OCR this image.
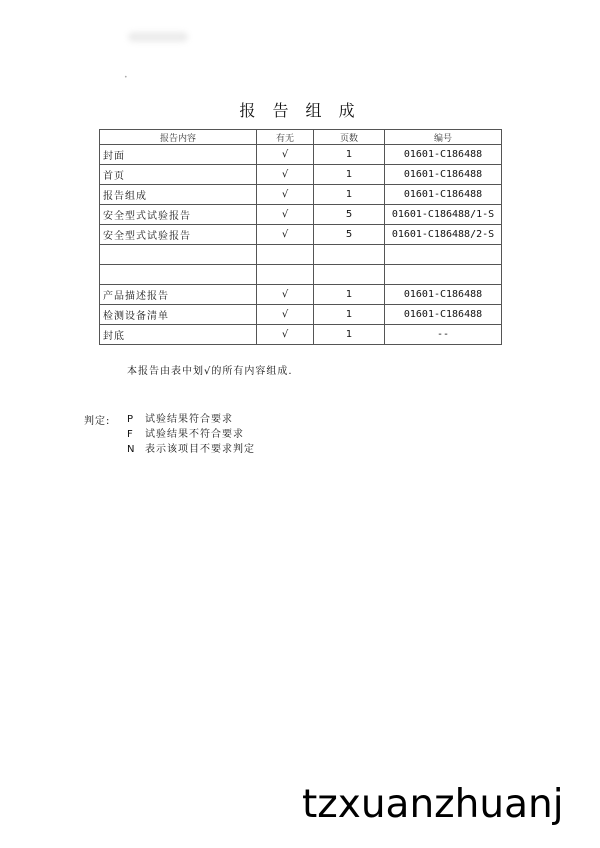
•
报 告 组 成
报告内容	有无	页数	编号
封面	√	1	01601-C186488
首页	√	1	01601-C186488
报告组成	√	1	01601-C186488
安全型式试验报告	√	5	01601-C186488/1-S
安全型式试验报告	√	5	01601-C186488/2-S

产品描述报告	√	1	01601-C186488
检测设备清单	√	1	01601-C186488
封底	√	1	--
本报告由表中划√的所有内容组成.
判定: P 试验结果符合要求
F 试验结果不符合要求
N 表示该项目不要求判定
tzxuanzhuanj
